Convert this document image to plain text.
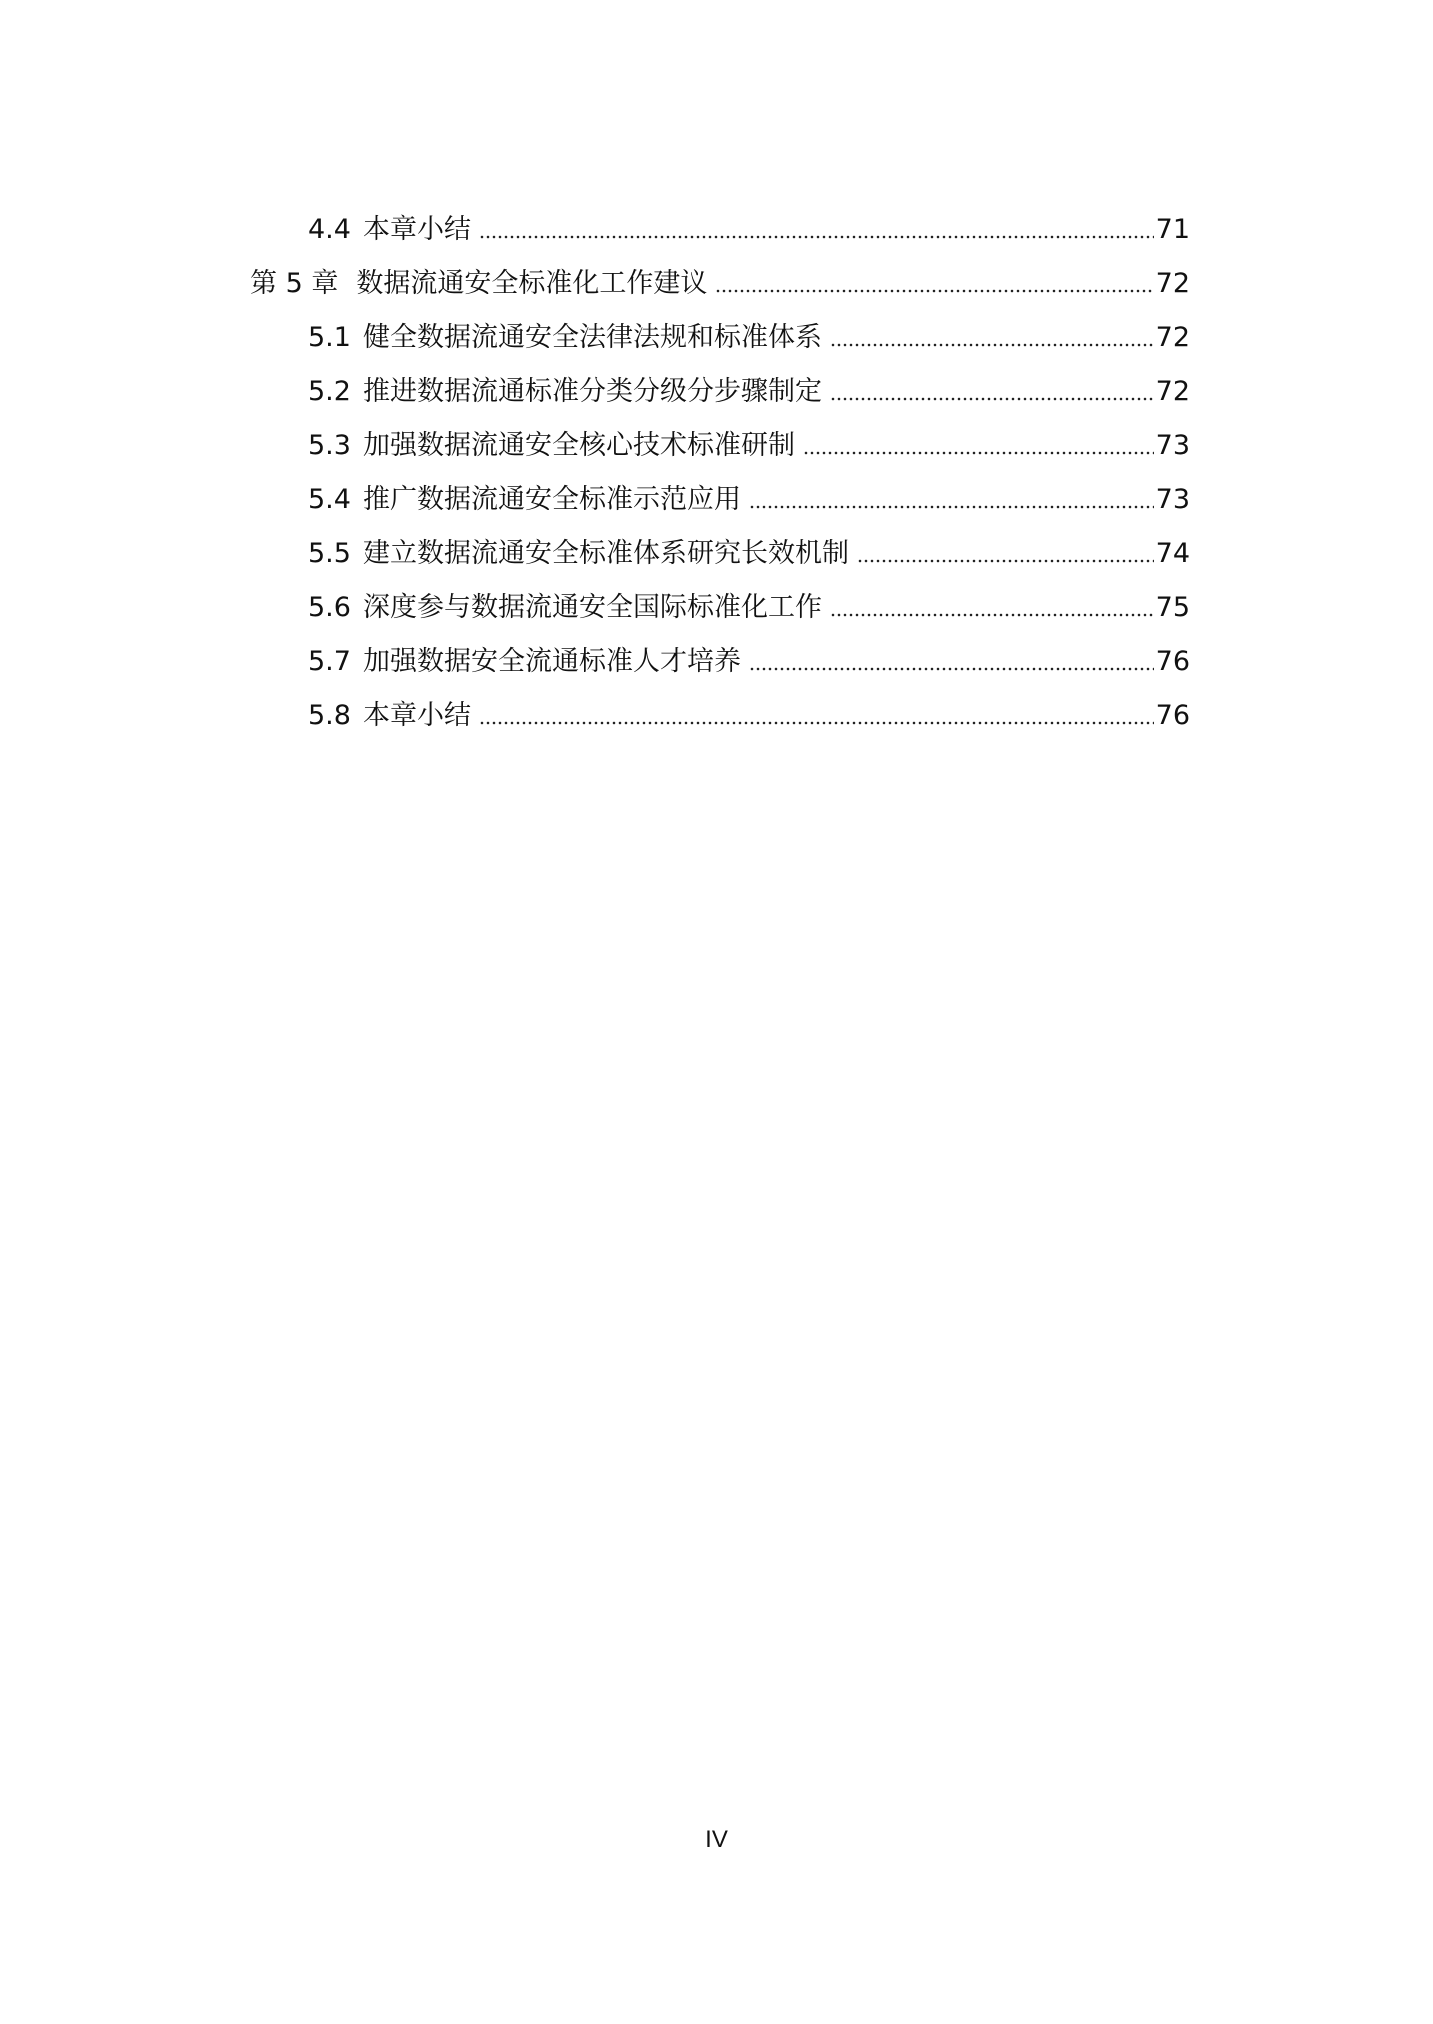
4.4 本章小结	71
第 5 章 数据流通安全标准化工作建议	72
5.1 健全数据流通安全法律法规和标准体系	72
5.2 推进数据流通标准分类分级分步骤制定	72
5.3 加强数据流通安全核心技术标准研制	73
5.4 推广数据流通安全标准示范应用	73
5.5 建立数据流通安全标准体系研究长效机制	74
5.6 深度参与数据流通安全国际标准化工作	75
5.7 加强数据安全流通标准人才培养	76
5.8 本章小结	76
IV
